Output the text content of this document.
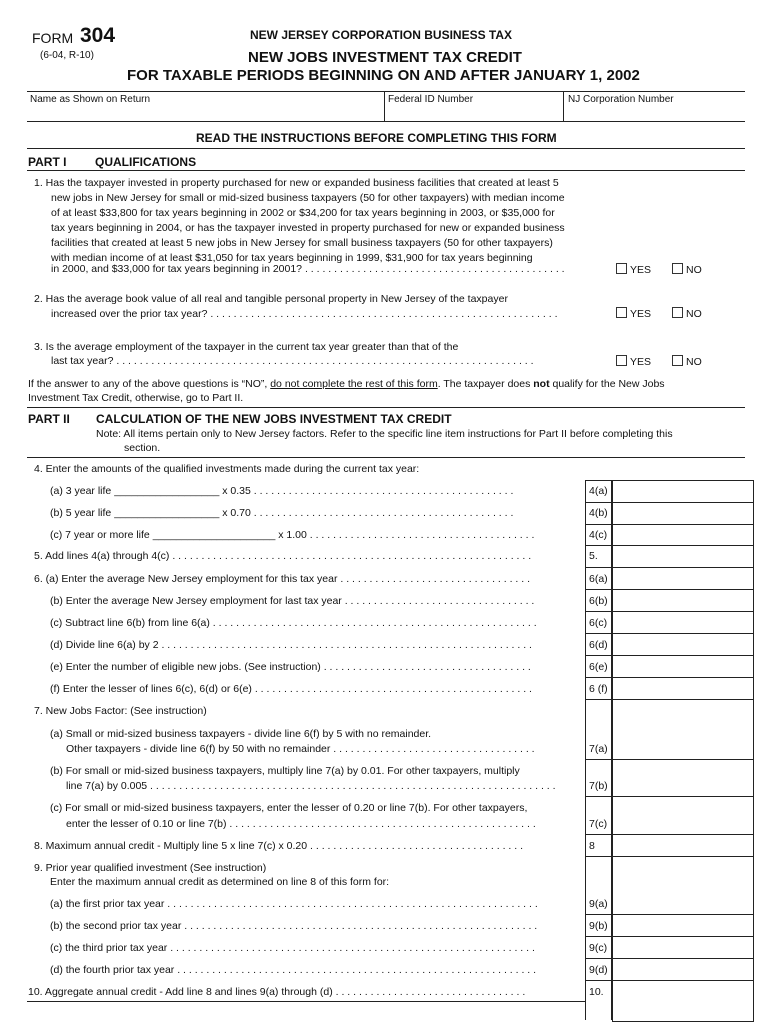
FORM 304
(6-04, R-10)
NEW JERSEY CORPORATION BUSINESS TAX
NEW JOBS INVESTMENT TAX CREDIT
FOR TAXABLE PERIODS BEGINNING ON AND AFTER JANUARY 1, 2002
Name as Shown on Return	Federal ID Number	NJ Corporation Number
READ THE INSTRUCTIONS BEFORE COMPLETING THIS FORM
PART I QUALIFICATIONS
1. Has the taxpayer invested in property purchased for new or expanded business facilities that created at least 5
new jobs in New Jersey for small or mid-sized business taxpayers (50 for other taxpayers) with median income
of at least $33,800 for tax years beginning in 2002 or $34,200 for tax years beginning in 2003, or $35,000 for
tax years beginning in 2004, or has the taxpayer invested in property purchased for new or expanded business
facilities that created at least 5 new jobs in New Jersey for small business taxpayers (50 for other taxpayers)
with median income of at least $31,050 for tax years beginning in 1999, $31,900 for tax years beginning
in 2000, and $33,000 for tax years beginning in 2001? . . . . . . . . . . . . . . . . . . . . . . . . . . . . . . . . . . . . . . . . . . . . .	YES	NO
2. Has the average book value of all real and tangible personal property in New Jersey of the taxpayer
increased over the prior tax year? . . . . . . . . . . . . . . . . . . . . . . . . . . . . . . . . . . . . . . . . . . . . . . . . . . . . . . . . . . . .	YES	NO
3. Is the average employment of the taxpayer in the current tax year greater than that of the
last tax year? . . . . . . . . . . . . . . . . . . . . . . . . . . . . . . . . . . . . . . . . . . . . . . . . . . . . . . . . . . . . . . . . . . . . . . . .	YES	NO
If the answer to any of the above questions is “NO”, do not complete the rest of this form. The taxpayer does not qualify for the New Jobs
Investment Tax Credit, otherwise, go to Part II.
PART II CALCULATION OF THE NEW JOBS INVESTMENT TAX CREDIT
Note: All items pertain only to New Jersey factors. Refer to the specific line item instructions for Part II before completing this
section.
4. Enter the amounts of the qualified investments made during the current tax year:
(a) 3 year life __________________ x 0.35 . . . . . . . . . . . . . . . . . . . . . . . . . . . . . . . . . . . . . . . . . . . . .	4(a)
(b) 5 year life __________________ x 0.70 . . . . . . . . . . . . . . . . . . . . . . . . . . . . . . . . . . . . . . . . . . . . .	4(b)
(c) 7 year or more life _____________________ x 1.00 . . . . . . . . . . . . . . . . . . . . . . . . . . . . . . . . . . . . . . .	4(c)
5. Add lines 4(a) through 4(c) . . . . . . . . . . . . . . . . . . . . . . . . . . . . . . . . . . . . . . . . . . . . . . . . . . . . . . . . . . . . . .	5.
6. (a) Enter the average New Jersey employment for this tax year . . . . . . . . . . . . . . . . . . . . . . . . . . . . . . . . .	6(a)
(b) Enter the average New Jersey employment for last tax year . . . . . . . . . . . . . . . . . . . . . . . . . . . . . . . . .	6(b)
(c) Subtract line 6(b) from line 6(a) . . . . . . . . . . . . . . . . . . . . . . . . . . . . . . . . . . . . . . . . . . . . . . . . . . . . . . . .	6(c)
(d) Divide line 6(a) by 2 . . . . . . . . . . . . . . . . . . . . . . . . . . . . . . . . . . . . . . . . . . . . . . . . . . . . . . . . . . . . . . . .	6(d)
(e) Enter the number of eligible new jobs. (See instruction) . . . . . . . . . . . . . . . . . . . . . . . . . . . . . . . . . . . .	6(e)
(f) Enter the lesser of lines 6(c), 6(d) or 6(e) . . . . . . . . . . . . . . . . . . . . . . . . . . . . . . . . . . . . . . . . . . . . . . . .	6 (f)
7. New Jobs Factor: (See instruction)
(a) Small or mid-sized business taxpayers - divide line 6(f) by 5 with no remainder.
Other taxpayers - divide line 6(f) by 50 with no remainder . . . . . . . . . . . . . . . . . . . . . . . . . . . . . . . . . . .	7(a)
(b) For small or mid-sized business taxpayers, multiply line 7(a) by 0.01. For other taxpayers, multiply
line 7(a) by 0.005 . . . . . . . . . . . . . . . . . . . . . . . . . . . . . . . . . . . . . . . . . . . . . . . . . . . . . . . . . . . . . . . . . . . . . .	7(b)
(c) For small or mid-sized business taxpayers, enter the lesser of 0.20 or line 7(b). For other taxpayers,
enter the lesser of 0.10 or line 7(b) . . . . . . . . . . . . . . . . . . . . . . . . . . . . . . . . . . . . . . . . . . . . . . . . . . . . .	7(c)
8. Maximum annual credit - Multiply line 5 x line 7(c) x 0.20 . . . . . . . . . . . . . . . . . . . . . . . . . . . . . . . . . . . . .	8
9. Prior year qualified investment (See instruction)
Enter the maximum annual credit as determined on line 8 of this form for:
(a) the first prior tax year . . . . . . . . . . . . . . . . . . . . . . . . . . . . . . . . . . . . . . . . . . . . . . . . . . . . . . . . . . . . . . . .	9(a)
(b) the second prior tax year . . . . . . . . . . . . . . . . . . . . . . . . . . . . . . . . . . . . . . . . . . . . . . . . . . . . . . . . . . . . .	9(b)
(c) the third prior tax year . . . . . . . . . . . . . . . . . . . . . . . . . . . . . . . . . . . . . . . . . . . . . . . . . . . . . . . . . . . . . . .	9(c)
(d) the fourth prior tax year . . . . . . . . . . . . . . . . . . . . . . . . . . . . . . . . . . . . . . . . . . . . . . . . . . . . . . . . . . . . . .	9(d)
10. Aggregate annual credit - Add line 8 and lines 9(a) through (d) . . . . . . . . . . . . . . . . . . . . . . . . . . . . . . . . .	10.
